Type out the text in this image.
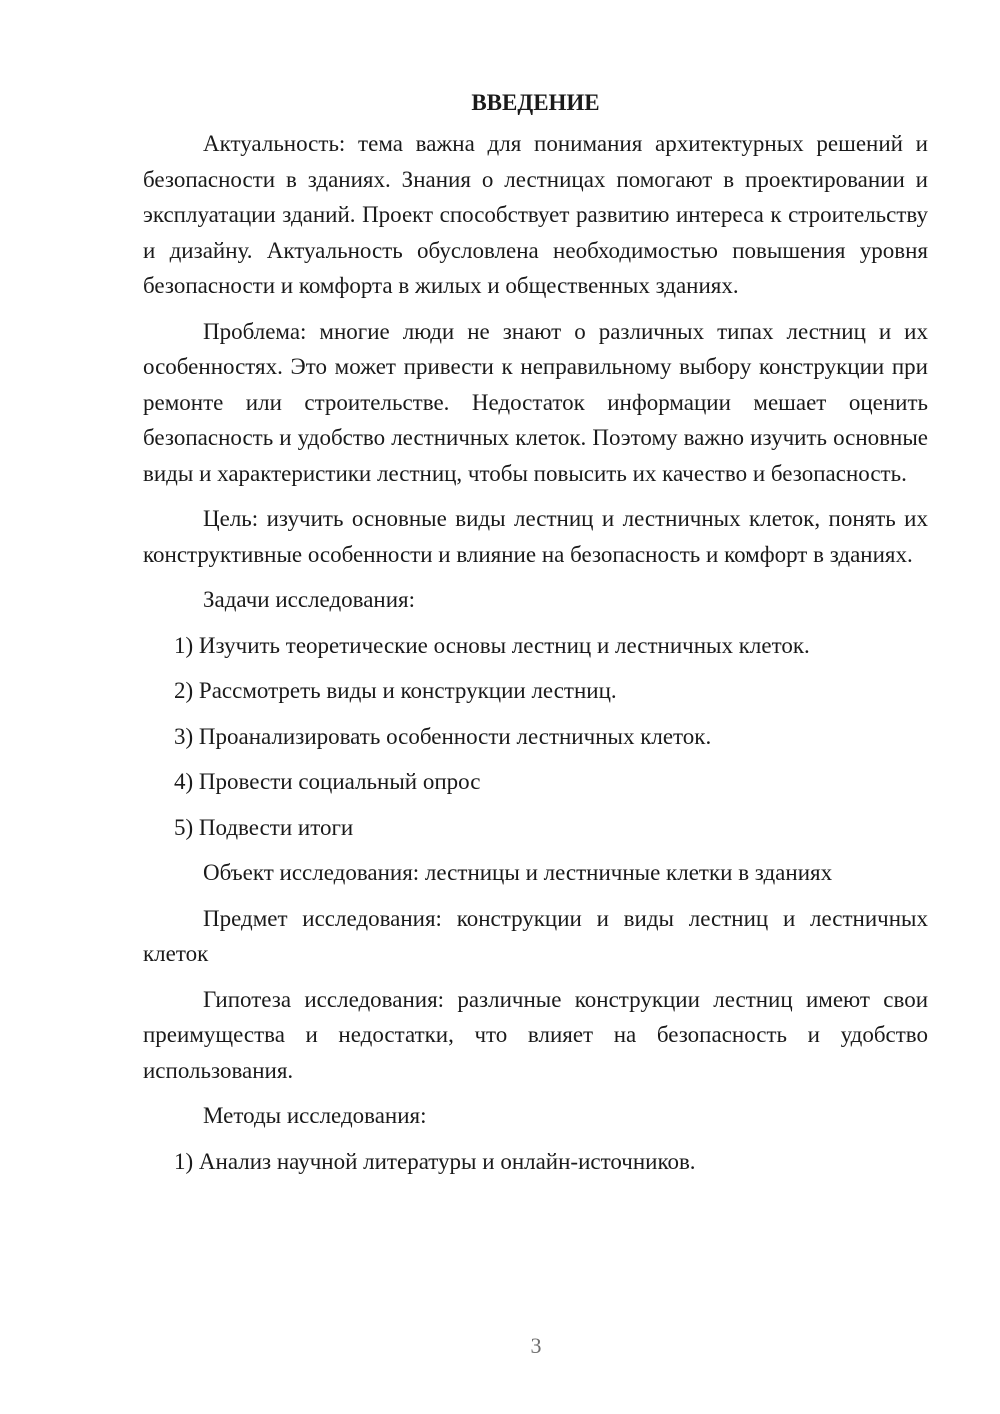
ВВЕДЕНИЕ
Актуальность: тема важна для понимания архитектурных решений и безопасности в зданиях. Знания о лестницах помогают в проектировании и эксплуатации зданий. Проект способствует развитию интереса к строительству и дизайну. Актуальность обусловлена необходимостью повышения уровня безопасности и комфорта в жилых и общественных зданиях.
Проблема: многие люди не знают о различных типах лестниц и их особенностях. Это может привести к неправильному выбору конструкции при ремонте или строительстве. Недостаток информации мешает оценить безопасность и удобство лестничных клеток. Поэтому важно изучить основные виды и характеристики лестниц, чтобы повысить их качество и безопасность.
Цель: изучить основные виды лестниц и лестничных клеток, понять их конструктивные особенности и влияние на безопасность и комфорт в зданиях.
Задачи исследования:
1) Изучить теоретические основы лестниц и лестничных клеток.
2) Рассмотреть виды и конструкции лестниц.
3) Проанализировать особенности лестничных клеток.
4) Провести социальный опрос
5) Подвести итоги
Объект исследования: лестницы и лестничные клетки в зданиях
Предмет исследования: конструкции и виды лестниц и лестничных клеток
Гипотеза исследования: различные конструкции лестниц имеют свои преимущества и недостатки, что влияет на безопасность и удобство использования.
Методы исследования:
1) Анализ научной литературы и онлайн-источников.
3
